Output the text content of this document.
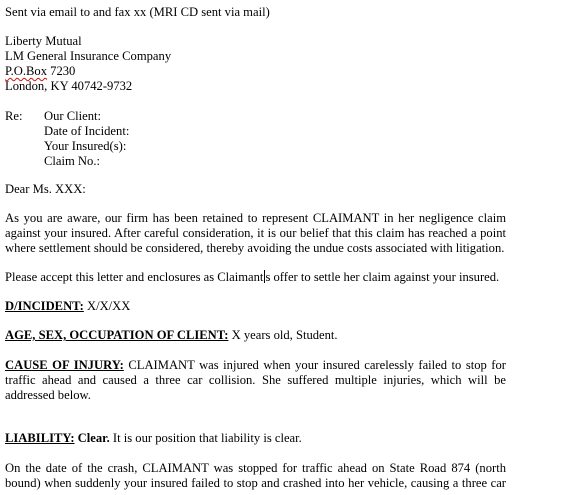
Sent via email to and fax xx (MRI CD sent via mail)
Liberty Mutual
LM General Insurance Company
P.O.Box 7230
London, KY 40742-9732
Re: Our Client:
Date of Incident:
Your Insured(s):
Claim No.:
Dear Ms. XXX:
As you are aware, our firm has been retained to represent CLAIMANT in her negligence claim against your insured. After careful consideration, it is our belief that this claim has reached a point where settlement should be considered, thereby avoiding the undue costs associated with litigation.
Please accept this letter and enclosures as Claimant s offer to settle her claim against your insured.
D/INCIDENT: X/X/XX
AGE, SEX, OCCUPATION OF CLIENT: X years old, Student.
CAUSE OF INJURY: CLAIMANT was injured when your insured carelessly failed to stop for traffic ahead and caused a three car collision. She suffered multiple injuries, which will be addressed below.
LIABILITY: Clear. It is our position that liability is clear.
On the date of the crash, CLAIMANT was stopped for traffic ahead on State Road 874 (north bound) when suddenly your insured failed to stop and crashed into her vehicle, causing a three car
